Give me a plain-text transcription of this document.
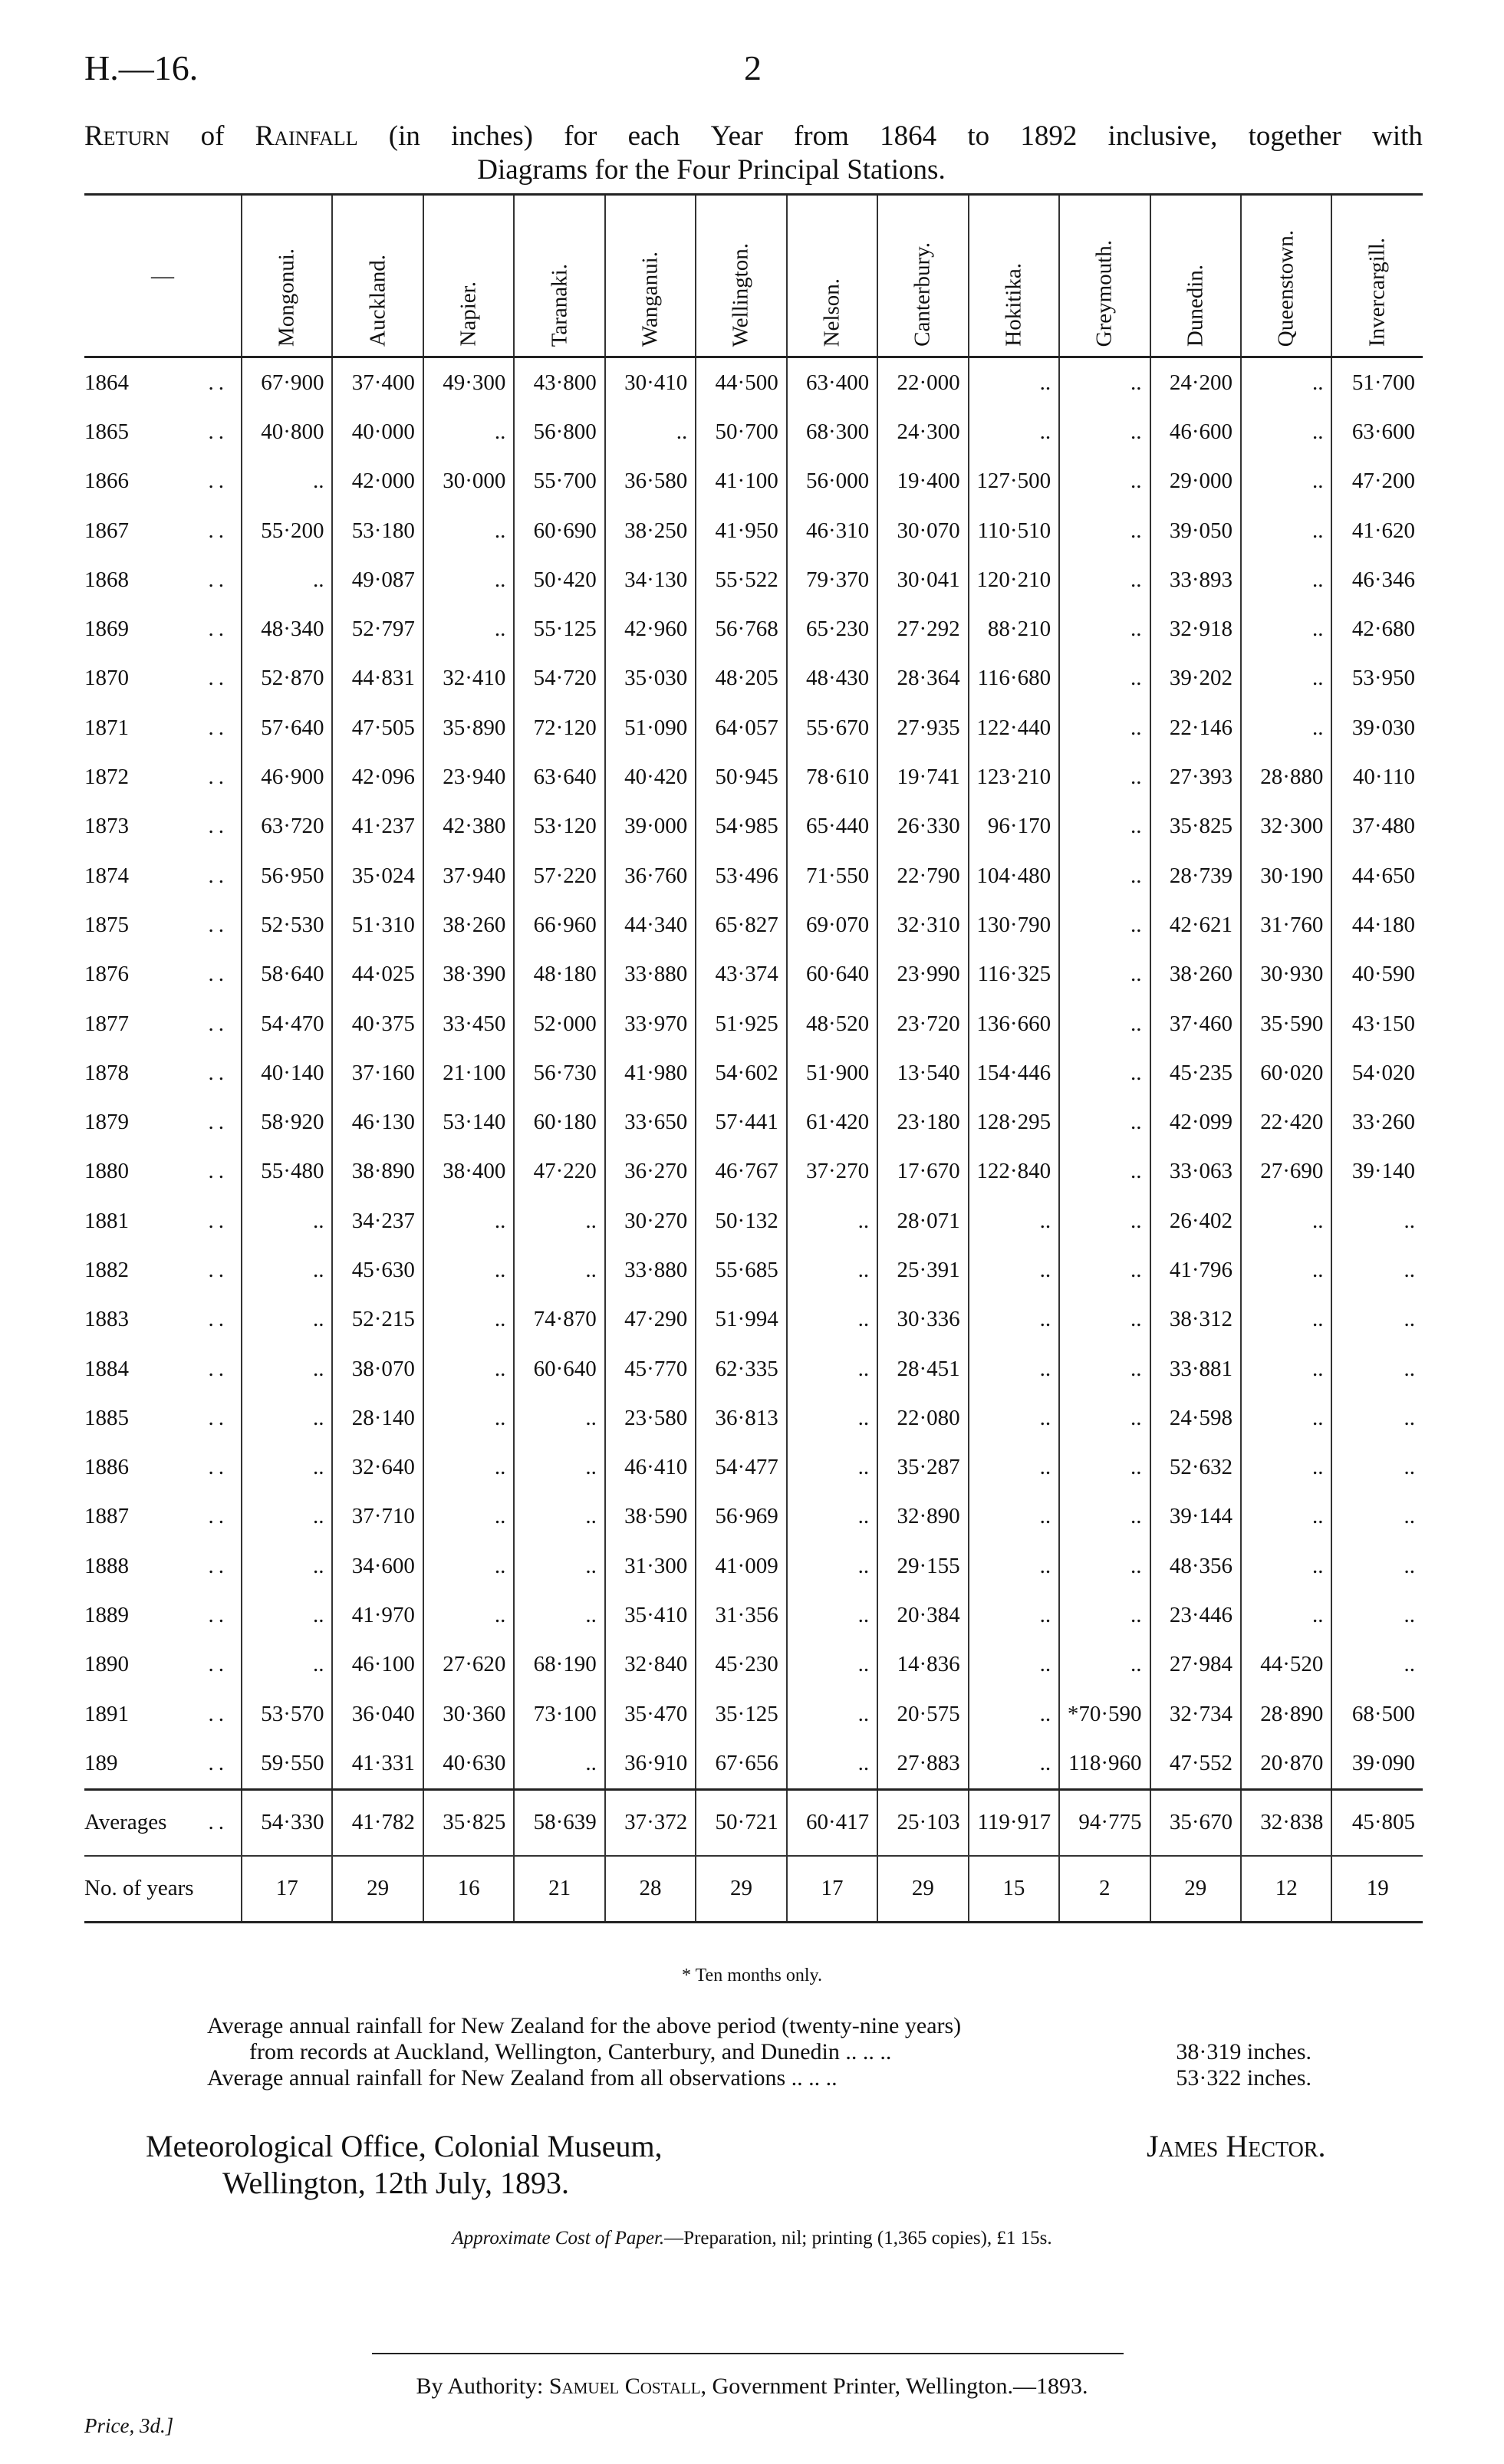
H.—16.	2
Return of Rainfall (in inches) for each Year from 1864 to 1892 inclusive, together with
Diagrams for the Four Principal Stations.
—	Mongonui.	Auckland.	Napier.	Taranaki.	Wanganui.	Wellington.	Nelson.	Canterbury.	Hokitika.	Greymouth.	Dunedin.	Queenstown.	Invercargill.

1864 ..	67·900	37·400	49·300	43·800	30·410	44·500	63·400	22·000	..	..	24·200	..	51·700

1865 ..	40·800	40·000	..	56·800	..	50·700	68·300	24·300	..	..	46·600	..	63·600

1866 ..	..	42·000	30·000	55·700	36·580	41·100	56·000	19·400	127·500	..	29·000	..	47·200

1867 ..	55·200	53·180	..	60·690	38·250	41·950	46·310	30·070	110·510	..	39·050	..	41·620

1868 ..	..	49·087	..	50·420	34·130	55·522	79·370	30·041	120·210	..	33·893	..	46·346

1869 ..	48·340	52·797	..	55·125	42·960	56·768	65·230	27·292	88·210	..	32·918	..	42·680

1870 ..	52·870	44·831	32·410	54·720	35·030	48·205	48·430	28·364	116·680	..	39·202	..	53·950

1871 ..	57·640	47·505	35·890	72·120	51·090	64·057	55·670	27·935	122·440	..	22·146	..	39·030

1872 ..	46·900	42·096	23·940	63·640	40·420	50·945	78·610	19·741	123·210	..	27·393	28·880	40·110

1873 ..	63·720	41·237	42·380	53·120	39·000	54·985	65·440	26·330	96·170	..	35·825	32·300	37·480

1874 ..	56·950	35·024	37·940	57·220	36·760	53·496	71·550	22·790	104·480	..	28·739	30·190	44·650

1875 ..	52·530	51·310	38·260	66·960	44·340	65·827	69·070	32·310	130·790	..	42·621	31·760	44·180

1876 ..	58·640	44·025	38·390	48·180	33·880	43·374	60·640	23·990	116·325	..	38·260	30·930	40·590

1877 ..	54·470	40·375	33·450	52·000	33·970	51·925	48·520	23·720	136·660	..	37·460	35·590	43·150

1878 ..	40·140	37·160	21·100	56·730	41·980	54·602	51·900	13·540	154·446	..	45·235	60·020	54·020

1879 ..	58·920	46·130	53·140	60·180	33·650	57·441	61·420	23·180	128·295	..	42·099	22·420	33·260

1880 ..	55·480	38·890	38·400	47·220	36·270	46·767	37·270	17·670	122·840	..	33·063	27·690	39·140

1881 ..	..	34·237	..	..	30·270	50·132	..	28·071	..	..	26·402	..	..

1882 ..	..	45·630	..	..	33·880	55·685	..	25·391	..	..	41·796	..	..

1883 ..	..	52·215	..	74·870	47·290	51·994	..	30·336	..	..	38·312	..	..

1884 ..	..	38·070	..	60·640	45·770	62·335	..	28·451	..	..	33·881	..	..

1885 ..	..	28·140	..	..	23·580	36·813	..	22·080	..	..	24·598	..	..

1886 ..	..	32·640	..	..	46·410	54·477	..	35·287	..	..	52·632	..	..

1887 ..	..	37·710	..	..	38·590	56·969	..	32·890	..	..	39·144	..	..

1888 ..	..	34·600	..	..	31·300	41·009	..	29·155	..	..	48·356	..	..

1889 ..	..	41·970	..	..	35·410	31·356	..	20·384	..	..	23·446	..	..

1890 ..	..	46·100	27·620	68·190	32·840	45·230	..	14·836	..	..	27·984	44·520	..

1891 ..	53·570	36·040	30·360	73·100	35·470	35·125	..	20·575	..	*70·590	32·734	28·890	68·500

189 ..	59·550	41·331	40·630	..	36·910	67·656	..	27·883	..	118·960	47·552	20·870	39·090

Averages ..	54·330	41·782	35·825	58·639	37·372	50·721	60·417	25·103	119·917	94·775	35·670	32·838	45·805
No. of years	17	29	16	21	28	29	17	29	15	2	29	12	19
* Ten months only.
Average annual rainfall for New Zealand for the above period (twenty-nine years)
from records at Auckland, Wellington, Canterbury, and Dunedin .. .. ..	38·319 inches.
Average annual rainfall for New Zealand from all observations .. .. ..	53·322 inches.
Meteorological Office, Colonial Museum,
Wellington, 12th July, 1893.
James Hector.
Approximate Cost of Paper.—Preparation, nil; printing (1,365 copies), £1 15s.
By Authority: Samuel Costall, Government Printer, Wellington.—1893.
Price, 3d.]
